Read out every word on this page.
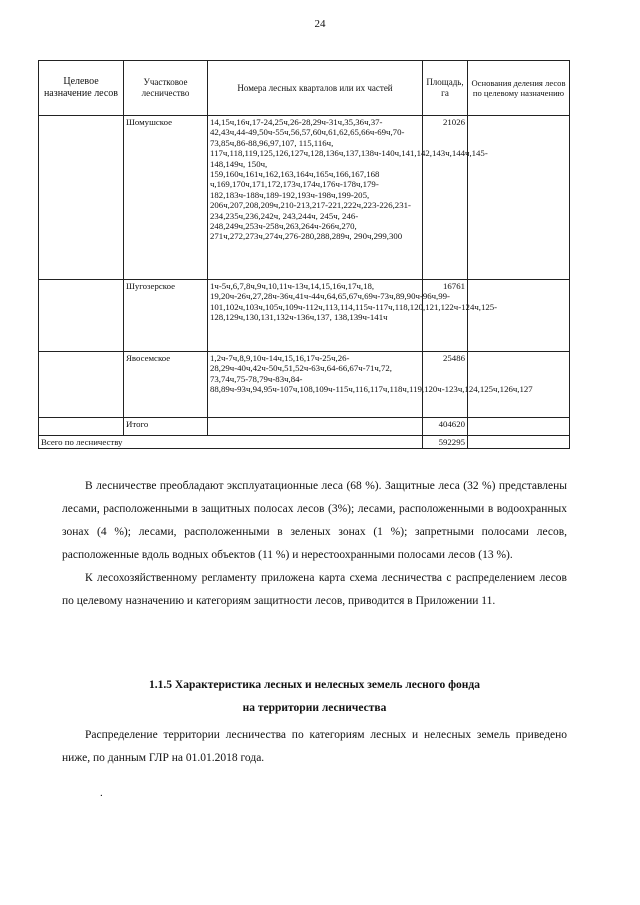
24
Целевое назначение лесов	Участковое лесничество	Номера лесных кварталов или их частей	Площадь, га	Основания деления лесов по целевому назначению
	Шомушское	14,15ч,16ч,17-24,25ч,26-28,29ч-31ч,35,36ч,37-42,43ч,44-49,50ч-55ч,56,57,60ч,61,62,65,66ч-69ч,70-73,85ч,86-88,96,97,107, 115,116ч, 117ч,118,119,125,126,127ч,128,136ч,137,138ч-140ч,141,142,143ч,144ч,145-148,149ч, 150ч, 159,160ч,161ч,162,163,164ч,165ч,166,167,168 ч,169,170ч,171,172,173ч,174ч,176ч-178ч,179-182,183ч-188ч,189-192,193ч-198ч,199-205, 206ч,207,208,209ч,210-213,217-221,222ч,223-226,231-234,235ч,236,242ч, 243,244ч, 245ч, 246-248,249ч,253ч-258ч,263,264ч-266ч,270, 271ч,272,273ч,274ч,276-280,288,289ч, 290ч,299,300	21026	
	Шугозерское	1ч-5ч,6,7,8ч,9ч,10,11ч-13ч,14,15,16ч,17ч,18, 19,20ч-26ч,27,28ч-36ч,41ч-44ч,64,65,67ч,69ч-73ч,89,90ч-96ч,99-101,102ч,103ч,105ч,109ч-112ч,113,114,115ч-117ч,118,120,121,122ч-124ч,125-128,129ч,130,131,132ч-136ч,137, 138,139ч-141ч	16761	
	Явосемское	1,2ч-7ч,8,9,10ч-14ч,15,16,17ч-25ч,26-28,29ч-40ч,42ч-50ч,51,52ч-63ч,64-66,67ч-71ч,72, 73,74ч,75-78,79ч-83ч,84-88,89ч-93ч,94,95ч-107ч,108,109ч-115ч,116,117ч,118ч,119,120ч-123ч,124,125ч,126ч,127	25486	
	Итого		404620	
Всего по лесничеству			592295	

В лесничестве преобладают эксплуатационные леса (68 %). Защитные леса (32 %) представлены лесами, расположенными в защитных полосах лесов (3%); лесами, расположенными в водоохранных зонах (4 %); лесами, расположенными в зеленых зонах (1 %); запретными полосами лесов, расположенные вдоль водных объектов (11 %) и нерестоохранными полосами лесов (13 %).

К лесохозяйственному регламенту приложена карта схема лесничества с распределением лесов по целевому назначению и категориям защитности лесов, приводится в Приложении 11.

1.1.5 Характеристика лесных и нелесных земель лесного фонда
на территории лесничества

Распределение территории лесничества по категориям лесных и нелесных земель приведено ниже, по данным ГЛР на 01.01.2018 года.

.
